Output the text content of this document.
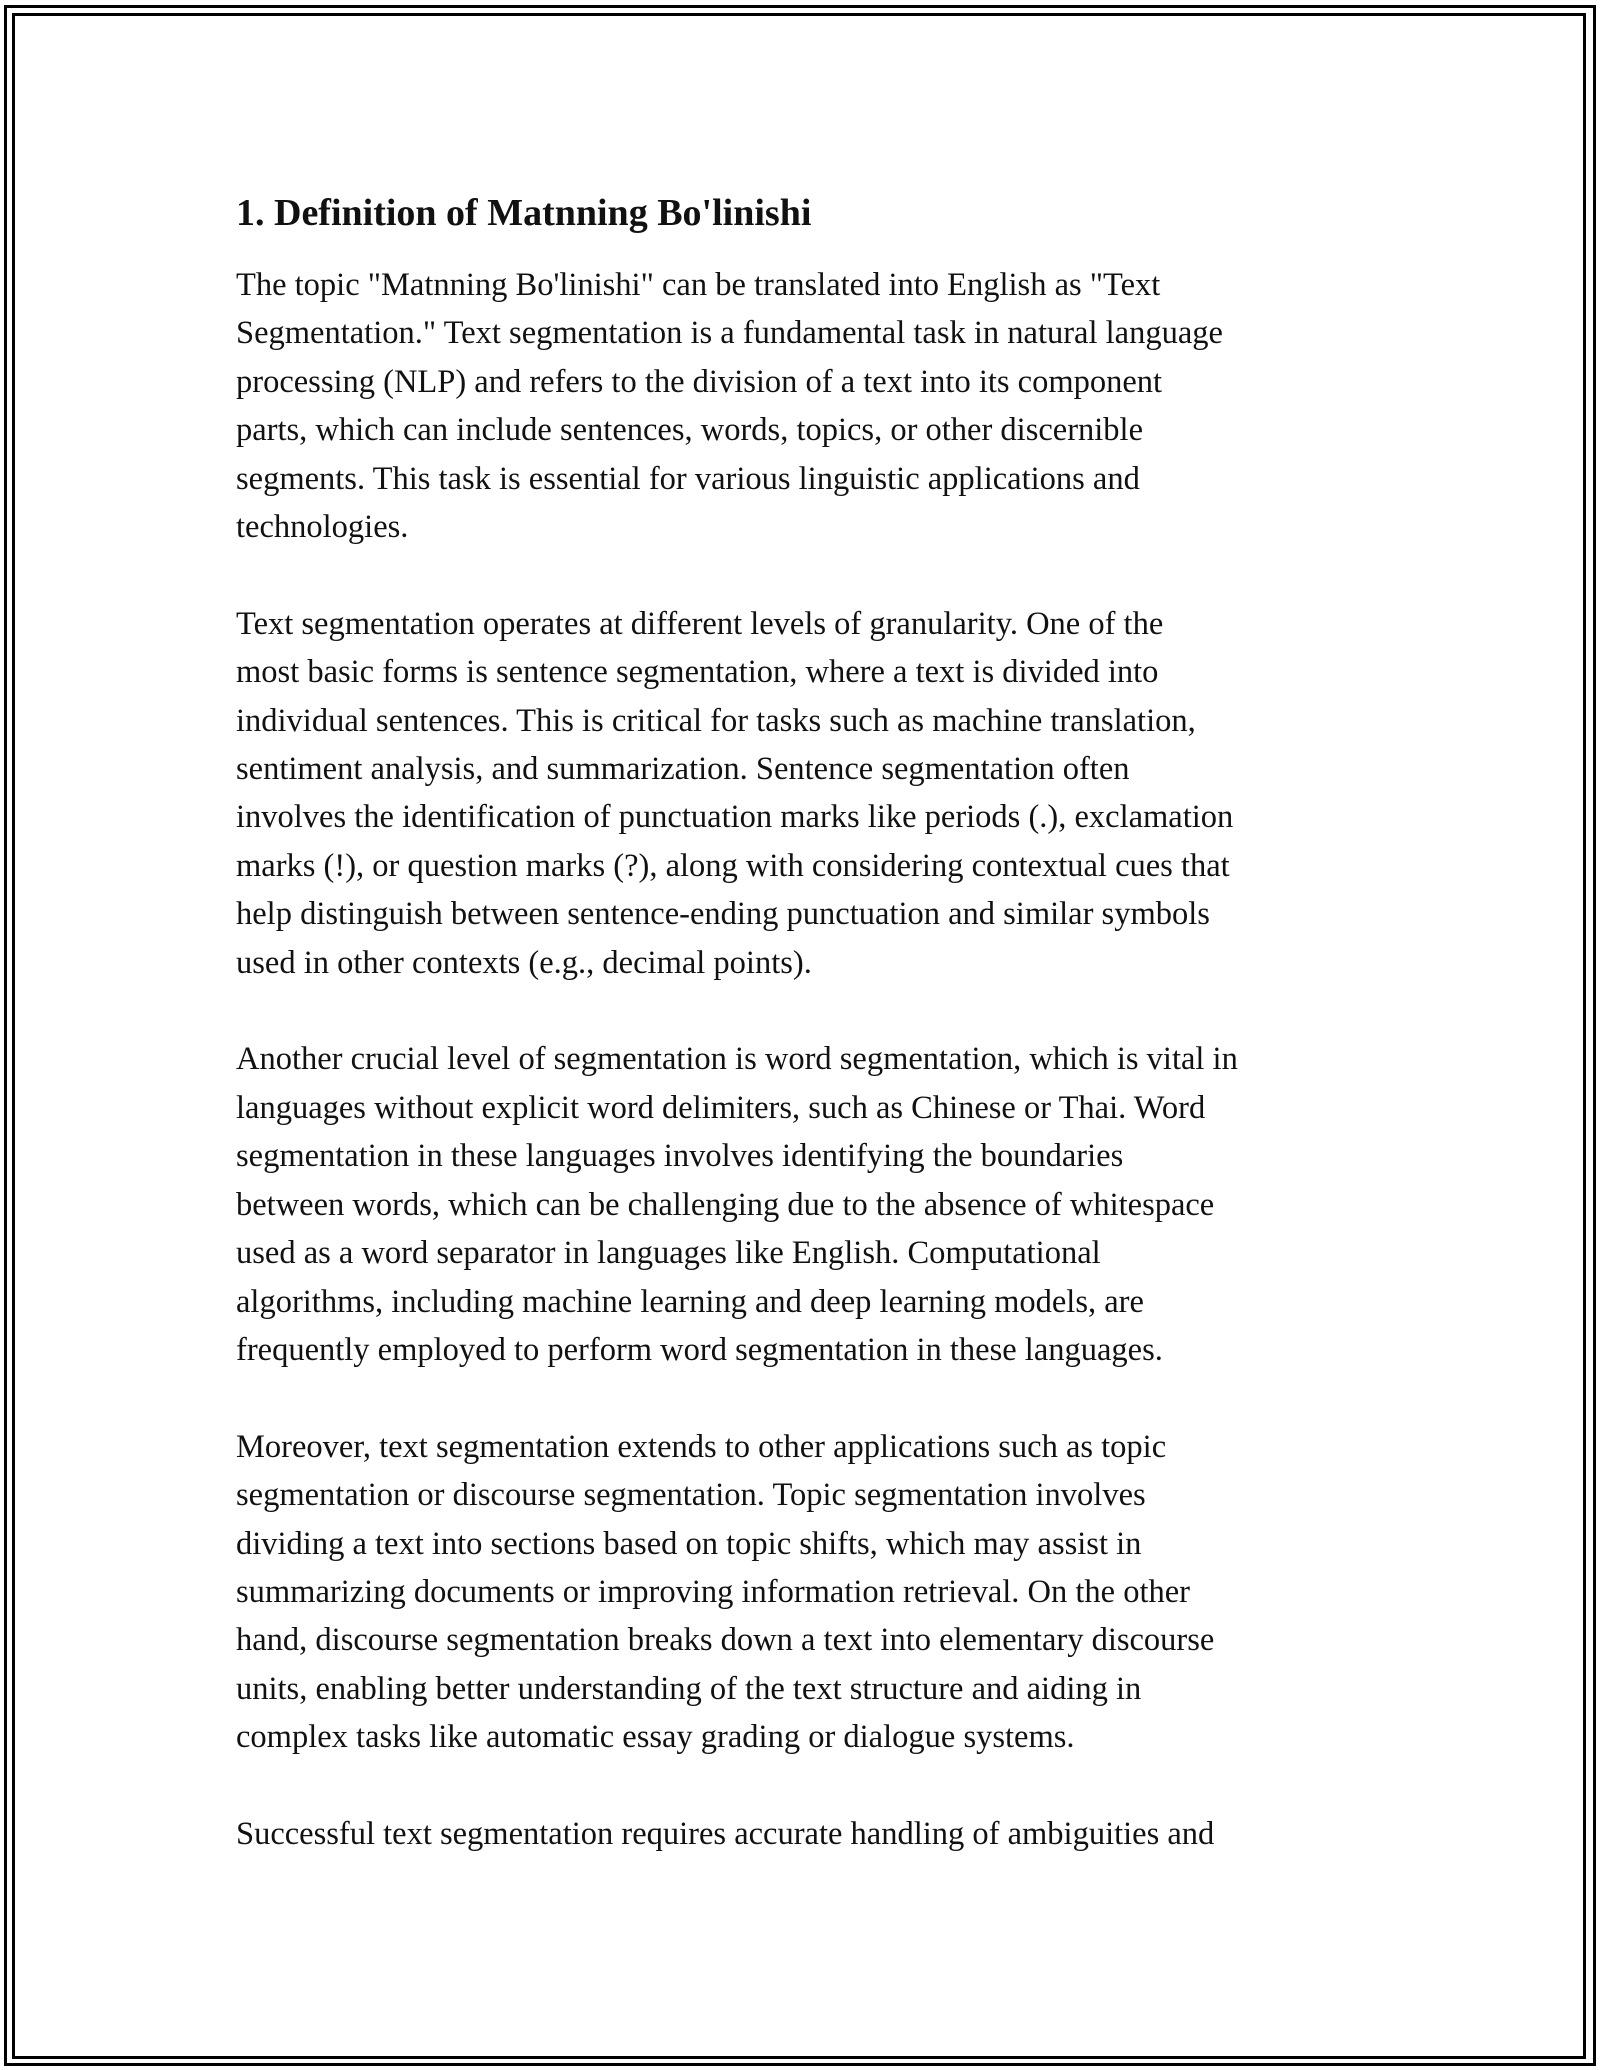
1. Definition of Matnning Bo'linishi

The topic "Matnning Bo'linishi" can be translated into English as "Text
Segmentation." Text segmentation is a fundamental task in natural language
processing (NLP) and refers to the division of a text into its component
parts, which can include sentences, words, topics, or other discernible
segments. This task is essential for various linguistic applications and
technologies.

Text segmentation operates at different levels of granularity. One of the
most basic forms is sentence segmentation, where a text is divided into
individual sentences. This is critical for tasks such as machine translation,
sentiment analysis, and summarization. Sentence segmentation often
involves the identification of punctuation marks like periods (.), exclamation
marks (!), or question marks (?), along with considering contextual cues that
help distinguish between sentence-ending punctuation and similar symbols
used in other contexts (e.g., decimal points).

Another crucial level of segmentation is word segmentation, which is vital in
languages without explicit word delimiters, such as Chinese or Thai. Word
segmentation in these languages involves identifying the boundaries
between words, which can be challenging due to the absence of whitespace
used as a word separator in languages like English. Computational
algorithms, including machine learning and deep learning models, are
frequently employed to perform word segmentation in these languages.

Moreover, text segmentation extends to other applications such as topic
segmentation or discourse segmentation. Topic segmentation involves
dividing a text into sections based on topic shifts, which may assist in
summarizing documents or improving information retrieval. On the other
hand, discourse segmentation breaks down a text into elementary discourse
units, enabling better understanding of the text structure and aiding in
complex tasks like automatic essay grading or dialogue systems.

Successful text segmentation requires accurate handling of ambiguities and
